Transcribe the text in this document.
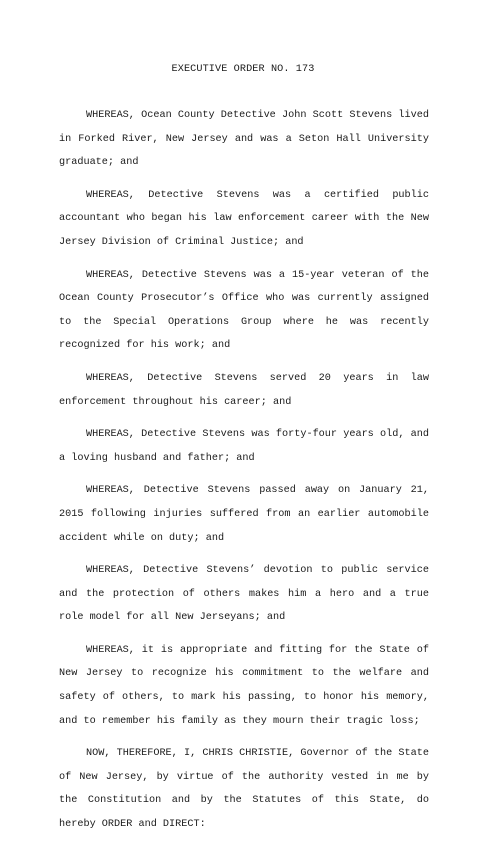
EXECUTIVE ORDER NO. 173

WHEREAS, Ocean County Detective John Scott Stevens lived in Forked River, New Jersey and was a Seton Hall University graduate; and

WHEREAS, Detective Stevens was a certified public accountant who began his law enforcement career with the New Jersey Division of Criminal Justice; and

WHEREAS, Detective Stevens was a 15-year veteran of the Ocean County Prosecutor’s Office who was currently assigned to the Special Operations Group where he was recently recognized for his work; and

WHEREAS, Detective Stevens served 20 years in law enforcement throughout his career; and

WHEREAS, Detective Stevens was forty-four years old, and a loving husband and father; and

WHEREAS, Detective Stevens passed away on January 21, 2015 following injuries suffered from an earlier automobile accident while on duty; and

WHEREAS, Detective Stevens’ devotion to public service and the protection of others makes him a hero and a true role model for all New Jerseyans; and

WHEREAS, it is appropriate and fitting for the State of New Jersey to recognize his commitment to the welfare and safety of others, to mark his passing, to honor his memory, and to remember his family as they mourn their tragic loss;

NOW, THEREFORE, I, CHRIS CHRISTIE, Governor of the State of New Jersey, by virtue of the authority vested in me by the Constitution and by the Statutes of this State, do hereby ORDER and DIRECT:
